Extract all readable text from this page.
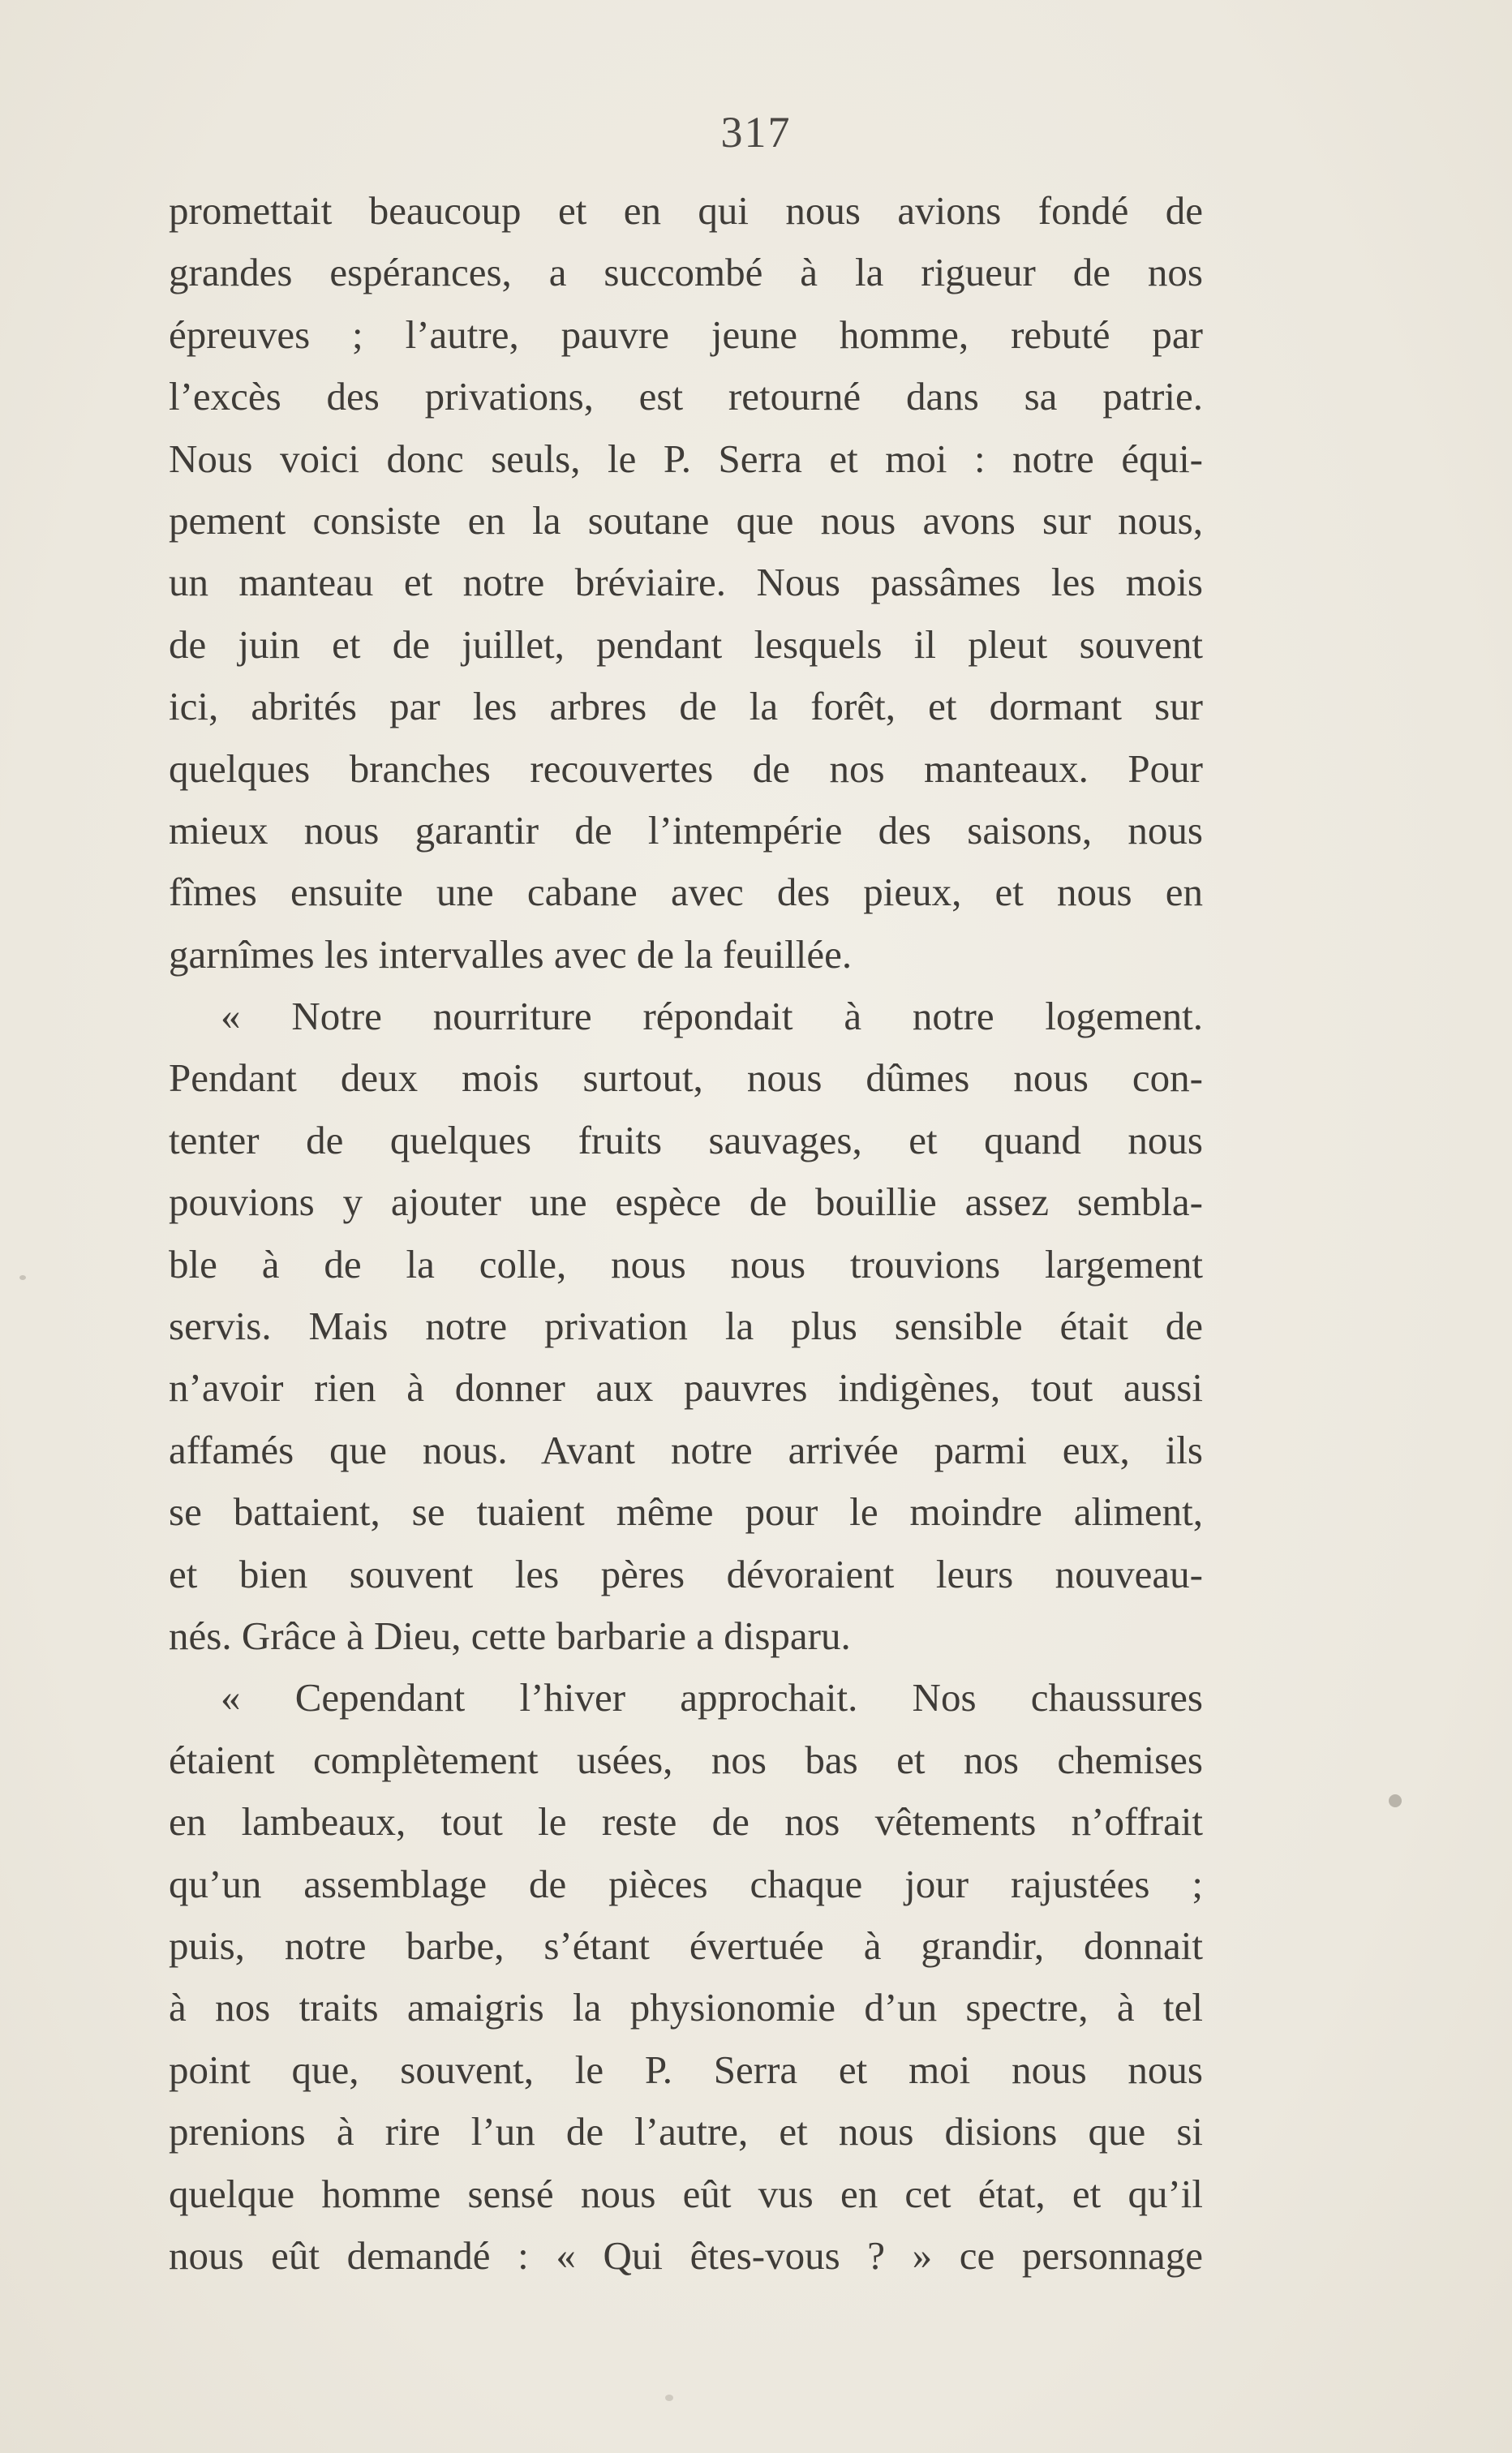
317
promettait beaucoup et en qui nous avions fondé de
grandes espérances, a succombé à la rigueur de nos
épreuves ; l’autre, pauvre jeune homme, rebuté par
l’excès des privations, est retourné dans sa patrie.
Nous voici donc seuls, le P. Serra et moi : notre équi-
pement consiste en la soutane que nous avons sur nous,
un manteau et notre bréviaire. Nous passâmes les mois
de juin et de juillet, pendant lesquels il pleut souvent
ici, abrités par les arbres de la forêt, et dormant sur
quelques branches recouvertes de nos manteaux. Pour
mieux nous garantir de l’intempérie des saisons, nous
fîmes ensuite une cabane avec des pieux, et nous en
garnîmes les intervalles avec de la feuillée.
« Notre nourriture répondait à notre logement.
Pendant deux mois surtout, nous dûmes nous con-
tenter de quelques fruits sauvages, et quand nous
pouvions y ajouter une espèce de bouillie assez sembla-
ble à de la colle, nous nous trouvions largement
servis. Mais notre privation la plus sensible était de
n’avoir rien à donner aux pauvres indigènes, tout aussi
affamés que nous. Avant notre arrivée parmi eux, ils
se battaient, se tuaient même pour le moindre aliment,
et bien souvent les pères dévoraient leurs nouveau-
nés. Grâce à Dieu, cette barbarie a disparu.
« Cependant l’hiver approchait. Nos chaussures
étaient complètement usées, nos bas et nos chemises
en lambeaux, tout le reste de nos vêtements n’offrait
qu’un assemblage de pièces chaque jour rajustées ;
puis, notre barbe, s’étant évertuée à grandir, donnait
à nos traits amaigris la physionomie d’un spectre, à tel
point que, souvent, le P. Serra et moi nous nous
prenions à rire l’un de l’autre, et nous disions que si
quelque homme sensé nous eût vus en cet état, et qu’il
nous eût demandé : « Qui êtes-vous ? » ce personnage
